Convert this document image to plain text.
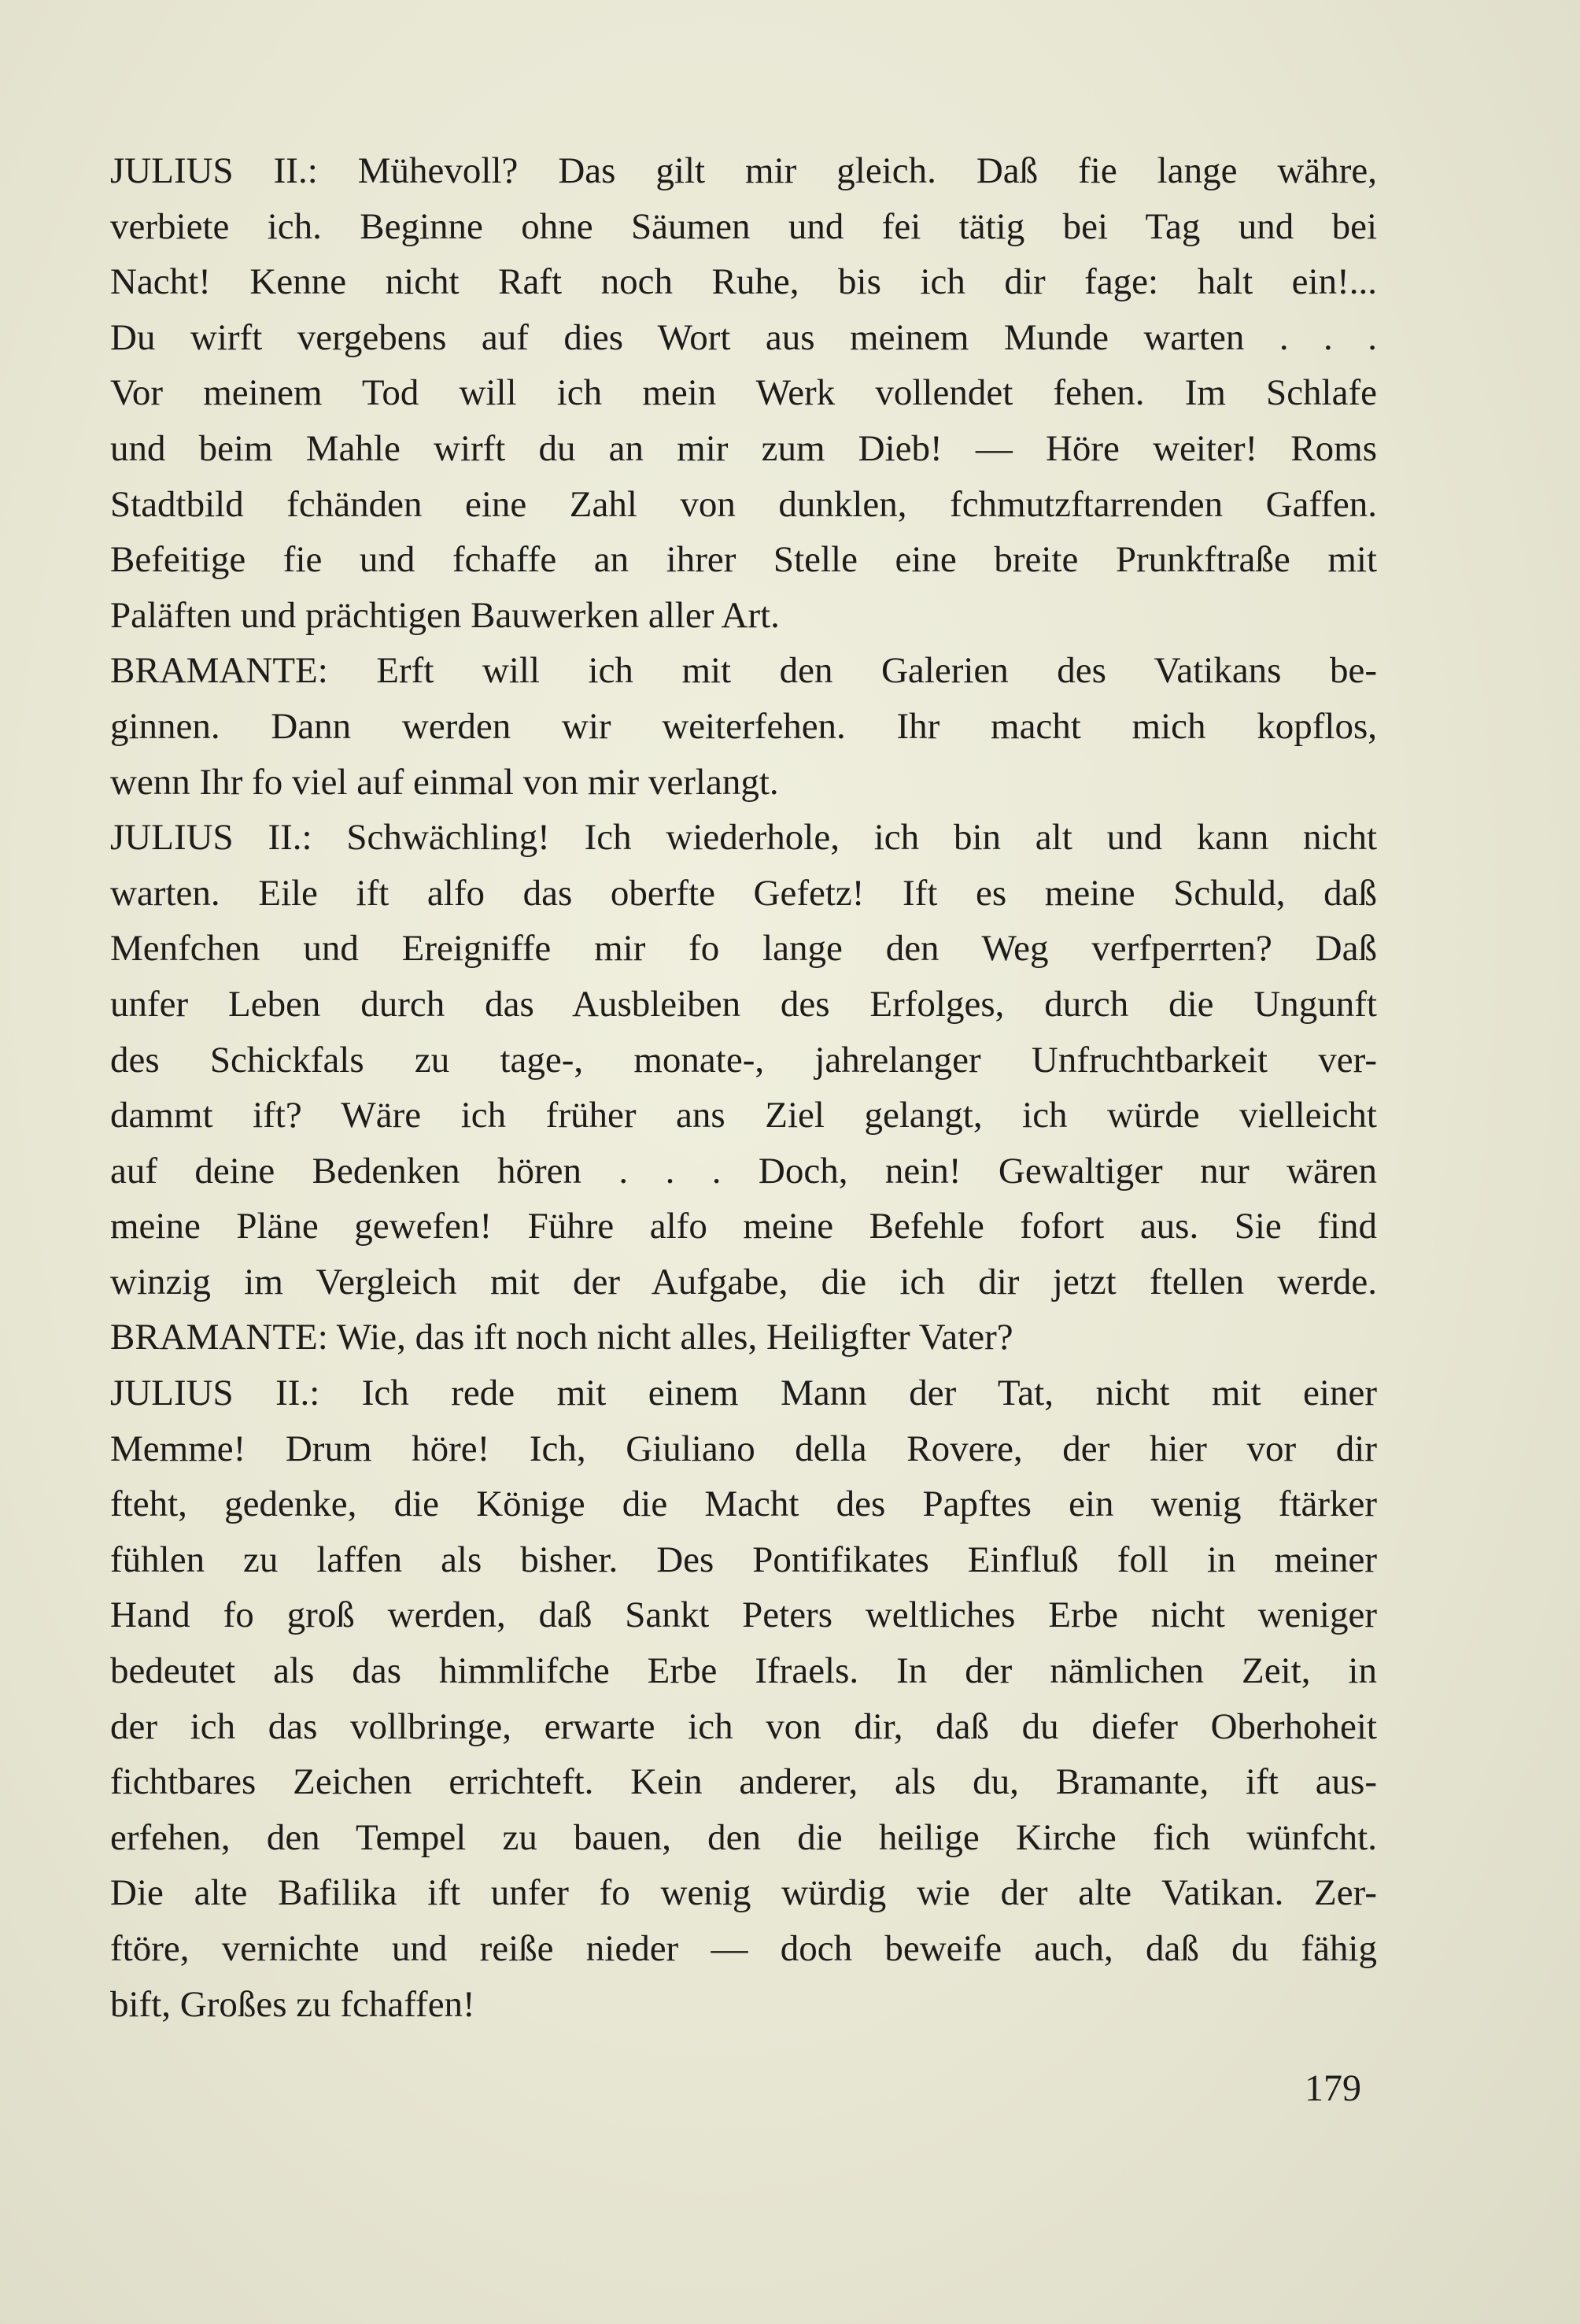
JULIUS II.: Mühevoll? Das gilt mir gleich. Daß fie lange währe,
verbiete ich. Beginne ohne Säumen und fei tätig bei Tag und bei
Nacht! Kenne nicht Raft noch Ruhe, bis ich dir fage: halt ein!...
Du wirft vergebens auf dies Wort aus meinem Munde warten . . .
Vor meinem Tod will ich mein Werk vollendet fehen. Im Schlafe
und beim Mahle wirft du an mir zum Dieb! — Höre weiter! Roms
Stadtbild fchänden eine Zahl von dunklen, fchmutzftarrenden Gaffen.
Befeitige fie und fchaffe an ihrer Stelle eine breite Prunkftraße mit
Paläften und prächtigen Bauwerken aller Art.
BRAMANTE: Erft will ich mit den Galerien des Vatikans be-
ginnen. Dann werden wir weiterfehen. Ihr macht mich kopflos,
wenn Ihr fo viel auf einmal von mir verlangt.
JULIUS II.: Schwächling! Ich wiederhole, ich bin alt und kann nicht
warten. Eile ift alfo das oberfte Gefetz! Ift es meine Schuld, daß
Menfchen und Ereigniffe mir fo lange den Weg verfperrten? Daß
unfer Leben durch das Ausbleiben des Erfolges, durch die Ungunft
des Schickfals zu tage-, monate-, jahrelanger Unfruchtbarkeit ver-
dammt ift? Wäre ich früher ans Ziel gelangt, ich würde vielleicht
auf deine Bedenken hören . . . Doch, nein! Gewaltiger nur wären
meine Pläne gewefen! Führe alfo meine Befehle fofort aus. Sie find
winzig im Vergleich mit der Aufgabe, die ich dir jetzt ftellen werde.
BRAMANTE: Wie, das ift noch nicht alles, Heiligfter Vater?
JULIUS II.: Ich rede mit einem Mann der Tat, nicht mit einer
Memme! Drum höre! Ich, Giuliano della Rovere, der hier vor dir
fteht, gedenke, die Könige die Macht des Papftes ein wenig ftärker
fühlen zu laffen als bisher. Des Pontifikates Einfluß foll in meiner
Hand fo groß werden, daß Sankt Peters weltliches Erbe nicht weniger
bedeutet als das himmlifche Erbe Ifraels. In der nämlichen Zeit, in
der ich das vollbringe, erwarte ich von dir, daß du diefer Oberhoheit
fichtbares Zeichen errichteft. Kein anderer, als du, Bramante, ift aus-
erfehen, den Tempel zu bauen, den die heilige Kirche fich wünfcht.
Die alte Bafilika ift unfer fo wenig würdig wie der alte Vatikan. Zer-
ftöre, vernichte und reiße nieder — doch beweife auch, daß du fähig
bift, Großes zu fchaffen!
179
